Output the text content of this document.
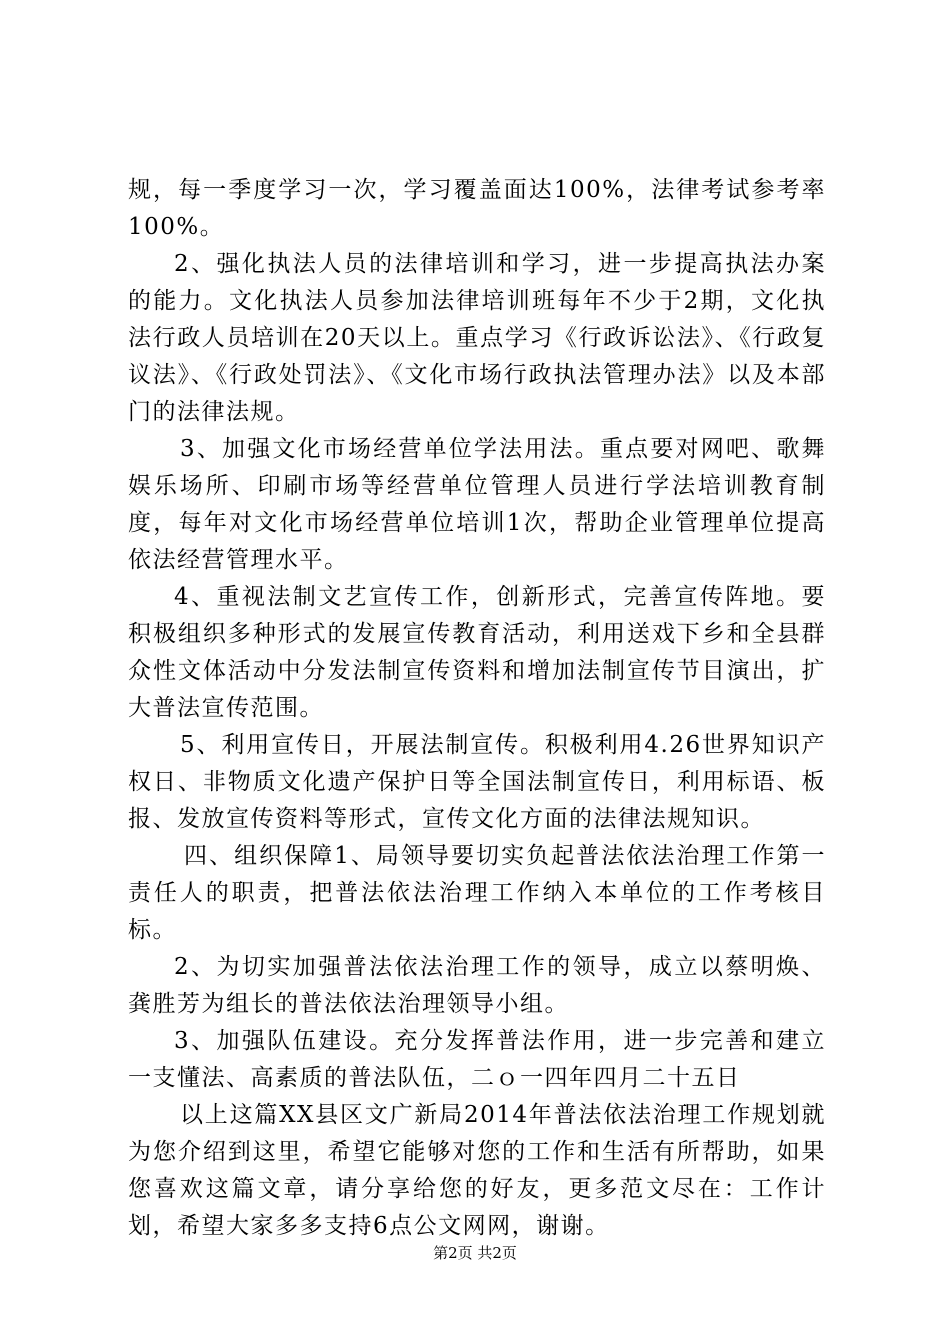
规，每一季度学习一次，学习覆盖面达100%，法律考试参考率100%。

2、强化执法人员的法律培训和学习，进一步提高执法办案的能力。文化执法人员参加法律培训班每年不少于2期，文化执法行政人员培训在20天以上。重点学习《行政诉讼法》、《行政复议法》、《行政处罚法》、《文化市场行政执法管理办法》以及本部门的法律法规。

3、加强文化市场经营单位学法用法。重点要对网吧、歌舞娱乐场所、印刷市场等经营单位管理人员进行学法培训教育制度，每年对文化市场经营单位培训1次，帮助企业管理单位提高依法经营管理水平。

4、重视法制文艺宣传工作，创新形式，完善宣传阵地。要积极组织多种形式的发展宣传教育活动，利用送戏下乡和全县群众性文体活动中分发法制宣传资料和增加法制宣传节目演出，扩大普法宣传范围。

5、利用宣传日，开展法制宣传。积极利用4.26世界知识产权日、非物质文化遗产保护日等全国法制宣传日，利用标语、板报、发放宣传资料等形式，宣传文化方面的法律法规知识。

四、组织保障1、局领导要切实负起普法依法治理工作第一责任人的职责，把普法依法治理工作纳入本单位的工作考核目标。

2、为切实加强普法依法治理工作的领导，成立以蔡明焕、龚胜芳为组长的普法依法治理领导小组。

3、加强队伍建设。充分发挥普法作用，进一步完善和建立一支懂法、高素质的普法队伍，二ｏ一四年四月二十五日

以上这篇XX县区文广新局2014年普法依法治理工作规划就为您介绍到这里，希望它能够对您的工作和生活有所帮助，如果您喜欢这篇文章，请分享给您的好友，更多范文尽在：工作计划，希望大家多多支持6点公文网网，谢谢。

第2页 共2页
